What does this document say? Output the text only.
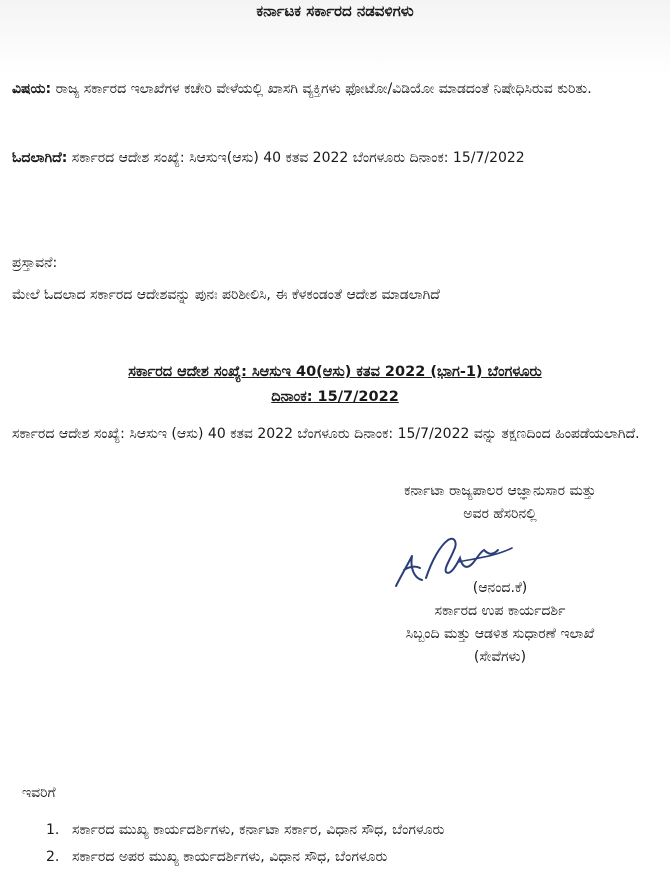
ಕರ್ನಾಟಕ ಸರ್ಕಾರದ ನಡವಳಿಗಳು
ವಿಷಯ: ರಾಜ್ಯ ಸರ್ಕಾರದ ಇಲಾಖೆಗಳ ಕಚೇರಿ ವೇಳೆಯಲ್ಲಿ ಖಾಸಗಿ ವ್ಯಕ್ತಿಗಳು ಫೋಟೋ/ವಿಡಿಯೋ ಮಾಡದಂತೆ ನಿಷೇಧಿಸಿರುವ ಕುರಿತು.
ಓದಲಾಗಿದೆ: ಸರ್ಕಾರದ ಆದೇಶ ಸಂಖ್ಯೆ: ಸಿಆಸುಇ(ಆಸು) 40 ಕತವ 2022 ಬೆಂಗಳೂರು ದಿನಾಂಕ: 15/7/2022
ಪ್ರಸ್ತಾವನೆ:
ಮೇಲೆ ಓದಲಾದ ಸರ್ಕಾರದ ಆದೇಶವನ್ನು ಪುನಃ ಪರಿಶೀಲಿಸಿ, ಈ ಕೆಳಕಂಡಂತೆ ಆದೇಶ ಮಾಡಲಾಗಿದೆ
ಸರ್ಕಾರದ ಆದೇಶ ಸಂಖ್ಯೆ: ಸಿಆಸುಇ 40(ಆಸು) ಕತವ 2022 (ಭಾಗ-1) ಬೆಂಗಳೂರು
ದಿನಾಂಕ: 15/7/2022
ಸರ್ಕಾರದ ಆದೇಶ ಸಂಖ್ಯೆ: ಸಿಆಸುಇ (ಆಸು) 40 ಕತವ 2022 ಬೆಂಗಳೂರು ದಿನಾಂಕ: 15/7/2022 ವನ್ನು ತಕ್ಷಣದಿಂದ ಹಿಂಪಡೆಯಲಾಗಿದೆ.
ಕರ್ನಾಟಾ ರಾಜ್ಯಪಾಲರ ಆಜ್ಞಾನುಸಾರ ಮತ್ತು
ಅವರ ಹೆಸರಿನಲ್ಲಿ
(ಆನಂದ.ಕೆ)
ಸರ್ಕಾರದ ಉಪ ಕಾರ್ಯದರ್ಶಿ
ಸಿಬ್ಬಂದಿ ಮತ್ತು ಆಡಳಿತ ಸುಧಾರಣೆ ಇಲಾಖೆ
(ಸೇವೆಗಳು)
ಇವರಿಗೆ
1. ಸರ್ಕಾರದ ಮುಖ್ಯ ಕಾರ್ಯದರ್ಶಿಗಳು, ಕರ್ನಾಟಾ ಸರ್ಕಾರ, ವಿಧಾನ ಸೌಧ, ಬೆಂಗಳೂರು
2. ಸರ್ಕಾರದ ಅಪರ ಮುಖ್ಯ ಕಾರ್ಯದರ್ಶಿಗಳು, ವಿಧಾನ ಸೌಧ, ಬೆಂಗಳೂರು
